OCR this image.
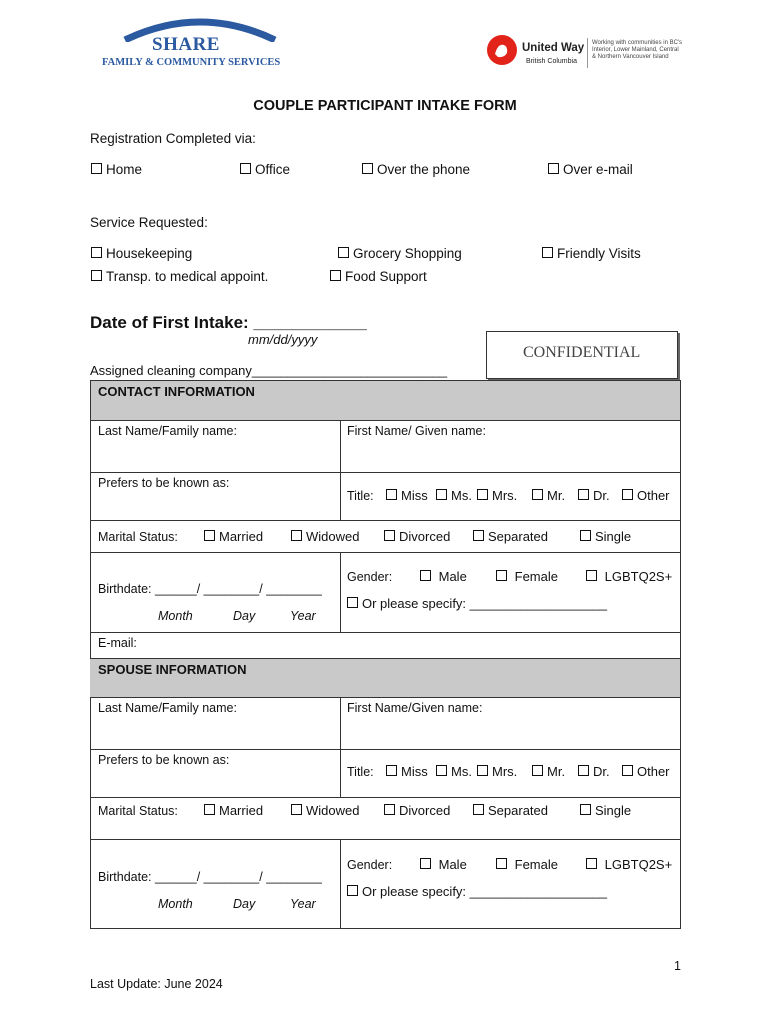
SHARE
FAMILY & COMMUNITY SERVICES
United Way
British Columbia
Working with communities in BC's
Interior, Lower Mainland, Central
& Northern Vancouver Island
COUPLE PARTICIPANT INTAKE FORM
Registration Completed via:
Home	Office	Over the phone	Over e-mail
Service Requested:
Housekeeping	Grocery Shopping	Friendly Visits
Transp. to medical appoint.	Food Support
Date of First Intake: ____________
mm/dd/yyyy
CONFIDENTIAL
Assigned cleaning company___________________________
CONTACT INFORMATION
Last Name/Family name:	First Name/ Given name:
Prefers to be known as:
Title:	Miss	Ms.	Mrs.	Mr.	Dr.	Other
Marital Status:	Married	Widowed	Divorced	Separated	Single
Birthdate: ______/ ________/ ________
Month	Day	Year
Gender:	Male	Female	LGBTQ2S+
Or please specify: ___________________
E-mail:
SPOUSE INFORMATION
Last Name/Family name:	First Name/Given name:
Prefers to be known as:
Title:	Miss	Ms.	Mrs.	Mr.	Dr.	Other
Marital Status:	Married	Widowed	Divorced	Separated	Single
Birthdate: ______/ ________/ ________
Month	Day	Year
Gender:	Male	Female	LGBTQ2S+
Or please specify: ___________________
1
Last Update: June 2024
